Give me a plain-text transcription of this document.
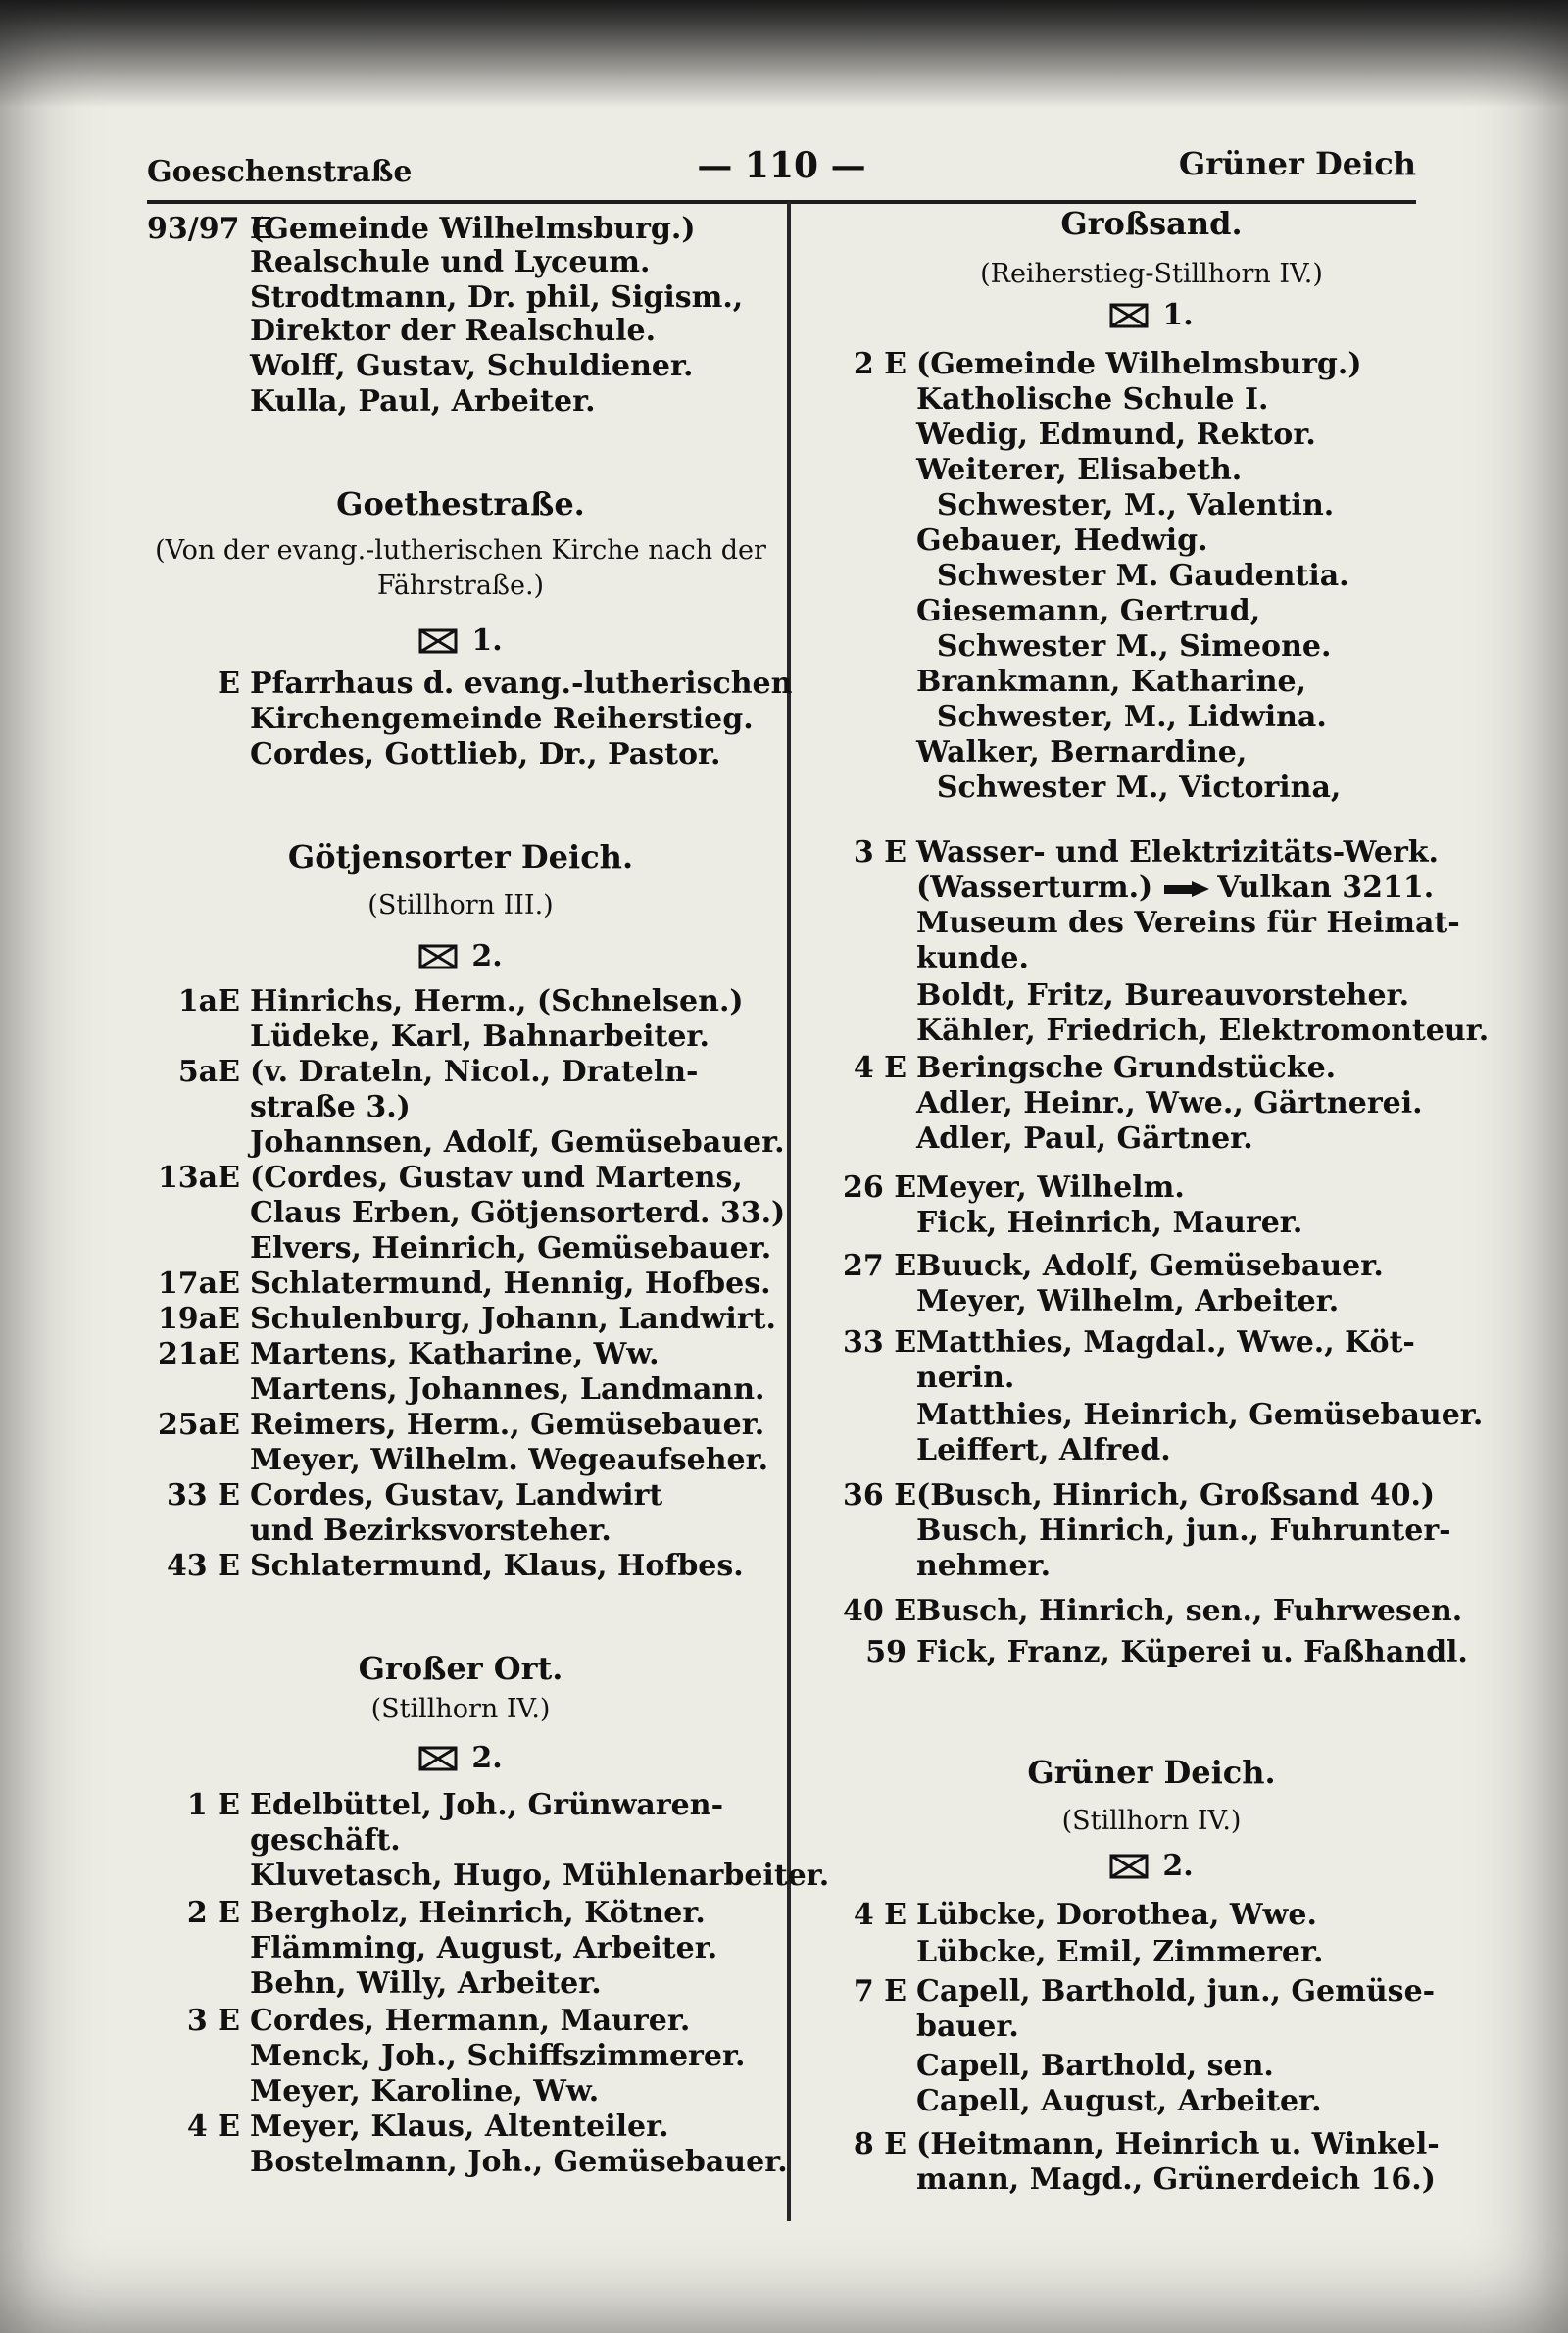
Goeschenstraße	— 110 —	Grüner Deich
93/97 E(Gemeinde Wilhelmsburg.)
Realschule und Lyceum.
Strodtmann, Dr. phil, Sigism.,
Direktor der Realschule.
Wolff, Gustav, Schuldiener.
Kulla, Paul, Arbeiter.
Goethestraße.
(Von der evang.-lutherischen Kirche nach der
Fährstraße.)
1.
E Pfarrhaus d. evang.-lutherischen
Kirchengemeinde Reiherstieg.
Cordes, Gottlieb, Dr., Pastor.
Götjensorter Deich.
(Stillhorn III.)
2.
1aE Hinrichs, Herm., (Schnelsen.)
Lüdeke, Karl, Bahnarbeiter.
5aE (v. Drateln, Nicol., Drateln-
straße 3.)
Johannsen, Adolf, Gemüsebauer.
13aE (Cordes, Gustav und Martens,
Claus Erben, Götjensorterd. 33.)
Elvers, Heinrich, Gemüsebauer.
17aE Schlatermund, Hennig, Hofbes.
19aE Schulenburg, Johann, Landwirt.
21aE Martens, Katharine, Ww.
Martens, Johannes, Landmann.
25aE Reimers, Herm., Gemüsebauer.
Meyer, Wilhelm. Wegeaufseher.
33 E Cordes, Gustav, Landwirt
und Bezirksvorsteher.
43 E Schlatermund, Klaus, Hofbes.
Großer Ort.
(Stillhorn IV.)
2.
1 E Edelbüttel, Joh., Grünwaren-
geschäft.
Kluvetasch, Hugo, Mühlenarbeiter.
2 E Bergholz, Heinrich, Kötner.
Flämming, August, Arbeiter.
Behn, Willy, Arbeiter.
3 E Cordes, Hermann, Maurer.
Menck, Joh., Schiffszimmerer.
Meyer, Karoline, Ww.
4 E Meyer, Klaus, Altenteiler.
Bostelmann, Joh., Gemüsebauer.
Großsand.
(Reiherstieg-Stillhorn IV.)
1.
2 E (Gemeinde Wilhelmsburg.)
Katholische Schule I.
Wedig, Edmund, Rektor.
Weiterer, Elisabeth.
Schwester, M., Valentin.
Gebauer, Hedwig.
Schwester M. Gaudentia.
Giesemann, Gertrud,
Schwester M., Simeone.
Brankmann, Katharine,
Schwester, M., Lidwina.
Walker, Bernardine,
Schwester M., Victorina,
3 E Wasser- und Elektrizitäts-Werk.
(Wasserturm.) Vulkan 3211.
Museum des Vereins für Heimat-
kunde.
Boldt, Fritz, Bureauvorsteher.
Kähler, Friedrich, Elektromonteur.
4 E Beringsche Grundstücke.
Adler, Heinr., Wwe., Gärtnerei.
Adler, Paul, Gärtner.
26 EMeyer, Wilhelm.
Fick, Heinrich, Maurer.
27 EBuuck, Adolf, Gemüsebauer.
Meyer, Wilhelm, Arbeiter.
33 EMatthies, Magdal., Wwe., Köt-
nerin.
Matthies, Heinrich, Gemüsebauer.
Leiffert, Alfred.
36 E(Busch, Hinrich, Großsand 40.)
Busch, Hinrich, jun., Fuhrunter-
nehmer.
40 EBusch, Hinrich, sen., Fuhrwesen.
59 Fick, Franz, Küperei u. Faßhandl.
Grüner Deich.
(Stillhorn IV.)
2.
4 E Lübcke, Dorothea, Wwe.
Lübcke, Emil, Zimmerer.
7 E Capell, Barthold, jun., Gemüse-
bauer.
Capell, Barthold, sen.
Capell, August, Arbeiter.
8 E (Heitmann, Heinrich u. Winkel-
mann, Magd., Grünerdeich 16.)
